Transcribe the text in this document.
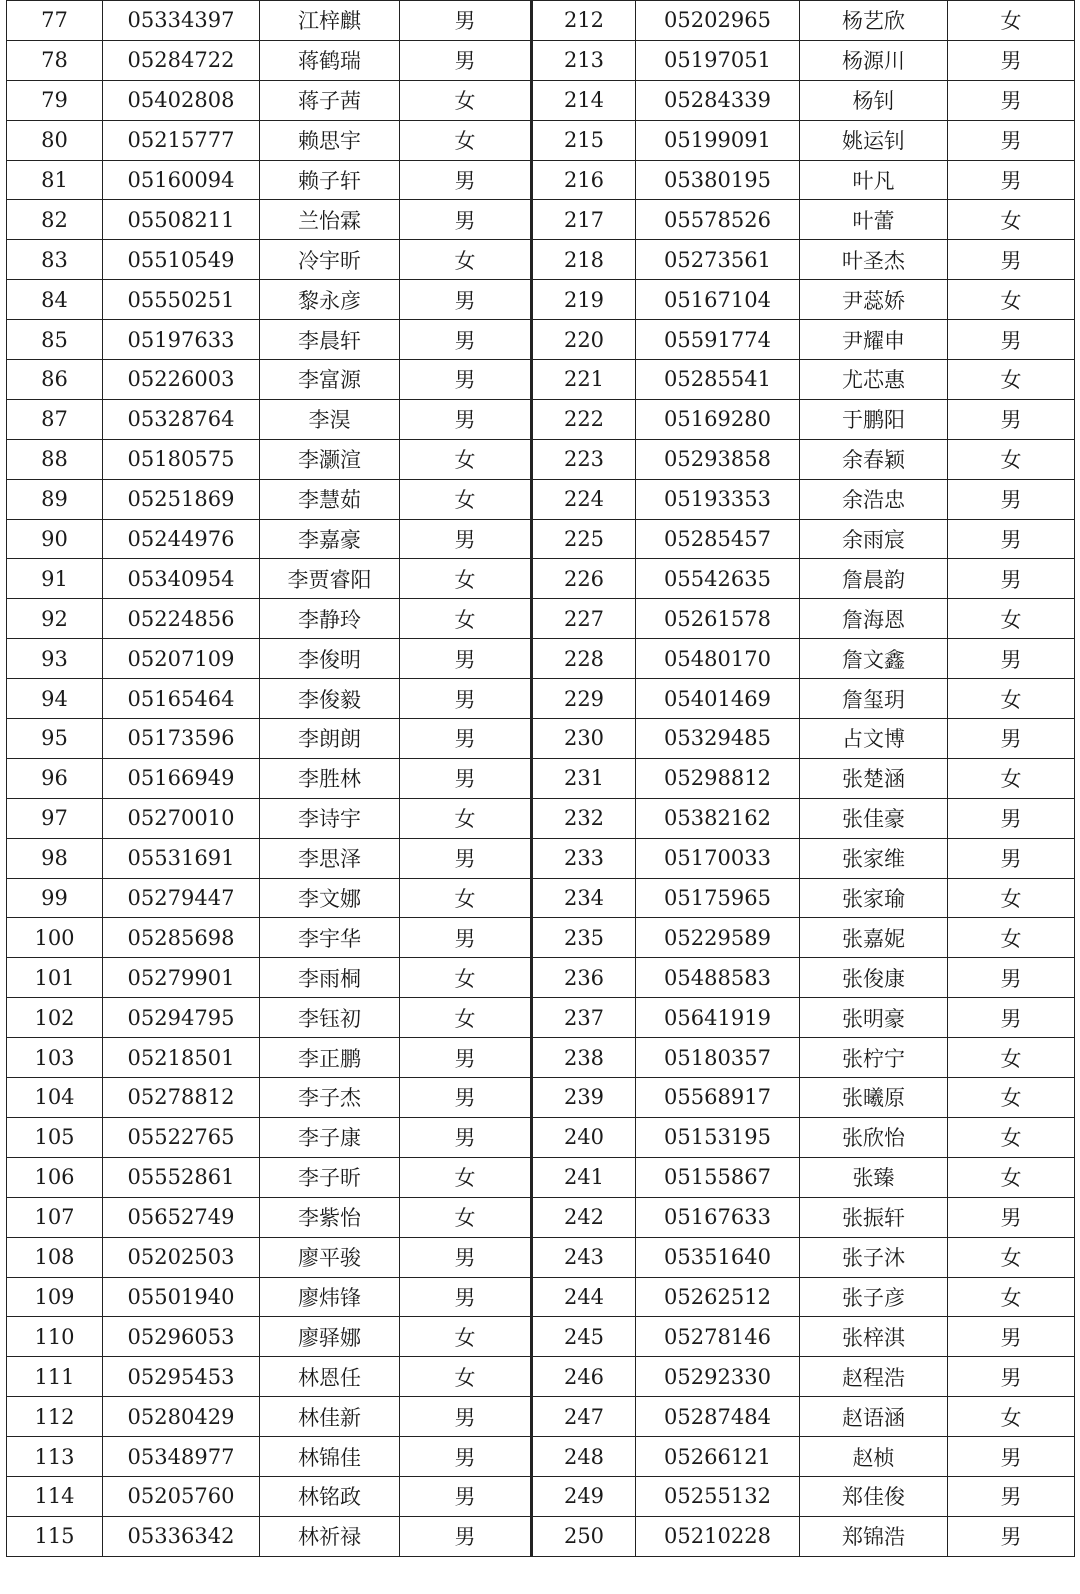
77	05334397	江梓麒	男	212	05202965	杨艺欣	女
78	05284722	蒋鹤瑞	男	213	05197051	杨源川	男
79	05402808	蒋子茜	女	214	05284339	杨钊	男
80	05215777	赖思宇	女	215	05199091	姚运钊	男
81	05160094	赖子轩	男	216	05380195	叶凡	男
82	05508211	兰怡霖	男	217	05578526	叶蕾	女
83	05510549	冷宇昕	女	218	05273561	叶圣杰	男
84	05550251	黎永彦	男	219	05167104	尹蕊娇	女
85	05197633	李晨轩	男	220	05591774	尹耀申	男
86	05226003	李富源	男	221	05285541	尤芯惠	女
87	05328764	李淏	男	222	05169280	于鹏阳	男
88	05180575	李灏渲	女	223	05293858	余春颖	女
89	05251869	李慧茹	女	224	05193353	余浩忠	男
90	05244976	李嘉豪	男	225	05285457	余雨宸	男
91	05340954	李贾睿阳	女	226	05542635	詹晨韵	男
92	05224856	李静玲	女	227	05261578	詹海恩	女
93	05207109	李俊明	男	228	05480170	詹文鑫	男
94	05165464	李俊毅	男	229	05401469	詹玺玥	女
95	05173596	李朗朗	男	230	05329485	占文博	男
96	05166949	李胜林	男	231	05298812	张楚涵	女
97	05270010	李诗宇	女	232	05382162	张佳豪	男
98	05531691	李思泽	男	233	05170033	张家维	男
99	05279447	李文娜	女	234	05175965	张家瑜	女
100	05285698	李宇华	男	235	05229589	张嘉妮	女
101	05279901	李雨桐	女	236	05488583	张俊康	男
102	05294795	李钰初	女	237	05641919	张明豪	男
103	05218501	李正鹏	男	238	05180357	张柠宁	女
104	05278812	李子杰	男	239	05568917	张曦原	女
105	05522765	李子康	男	240	05153195	张欣怡	女
106	05552861	李子昕	女	241	05155867	张臻	女
107	05652749	李紫怡	女	242	05167633	张振轩	男
108	05202503	廖平骏	男	243	05351640	张子沐	女
109	05501940	廖炜锋	男	244	05262512	张子彦	女
110	05296053	廖驿娜	女	245	05278146	张梓淇	男
111	05295453	林恩任	女	246	05292330	赵程浩	男
112	05280429	林佳新	男	247	05287484	赵语涵	女
113	05348977	林锦佳	男	248	05266121	赵桢	男
114	05205760	林铭政	男	249	05255132	郑佳俊	男
115	05336342	林祈禄	男	250	05210228	郑锦浩	男
